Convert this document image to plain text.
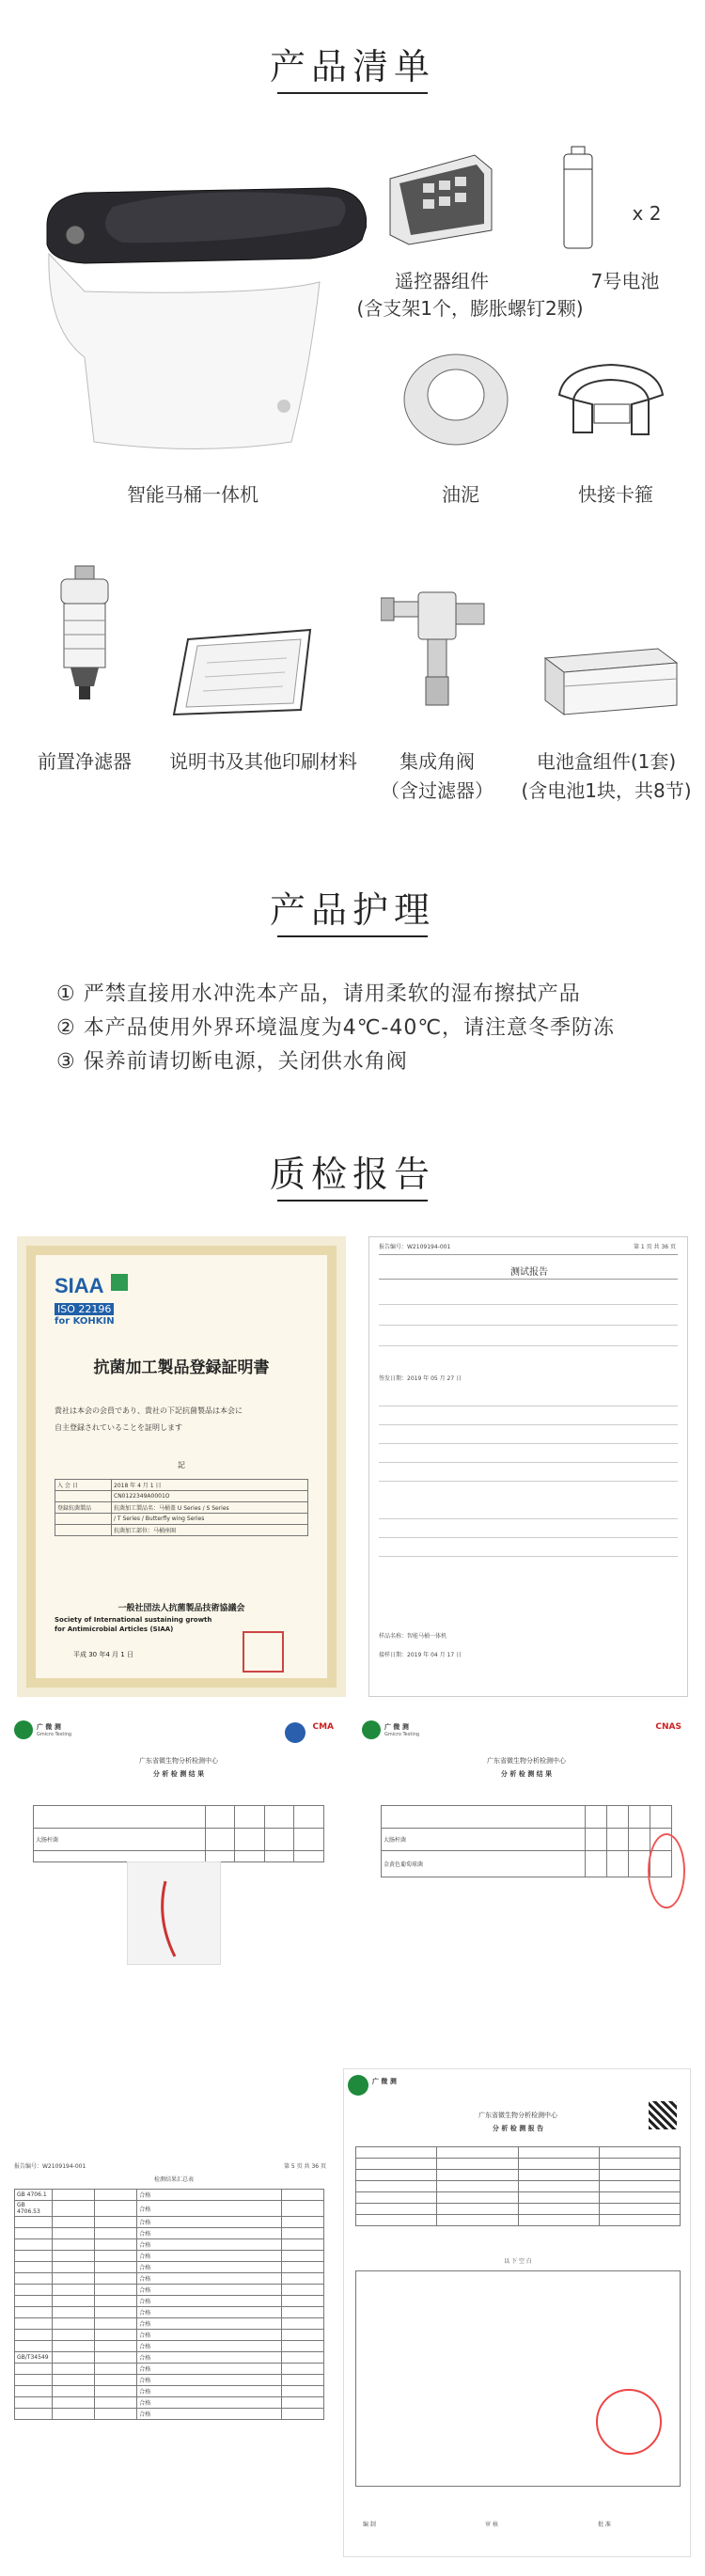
产品清单
智能马桶一体机
遥控器组件
(含支架1个，膨胀螺钉2颗)
x 2
7号电池
油泥	快接卡箍
前置净滤器	说明书及其他印刷材料	集成角阀
（含过滤器）
电池盒组件(1套)
(含电池1块，共8节)
产品护理
① 严禁直接用水冲洗本产品，请用柔软的湿布擦拭产品
② 本产品使用外界环境温度为4℃-40℃，请注意冬季防冻
③ 保养前请切断电源，关闭供水角阀
质检报告
SIAA
ISO 22196
for KOHKIN
抗菌加工製品登録証明書
貴社は本会の会員であり、貴社の下記抗菌製品は本会に
自主登録されていることを証明します
記
入 会 日	2018 年 4 月 1 日
	CN0122349A0001O
登録抗菌製品	抗菌加工製品名：马桶盖 U Series / S Series
	/ T Series / Butterfly wing Series
	抗菌加工部位：马桶座圈
一般社団法人抗菌製品技術協議会
Society of International sustaining growth
for Antimicrobial Articles (SIAA)
平成 30 年4 月 1 日
报告编号：W2109194-001	第 1 页 共 36 页
测试报告
签发日期：2019 年 05 月 27 日
样品名称：智能马桶一体机
接样日期：2019 年 04 月 17 日
广 微 测
Gmicro Testing
CMA
广东省微生物分析检测中心
分 析 检 测 结 果

大肠杆菌				

广 微 测
Gmicro Testing
CNAS
广东省微生物分析检测中心
分 析 检 测 结 果

大肠杆菌				
金黄色葡萄球菌				
报告编号：W2109194-001	第 5 页 共 36 页
检测结果汇总表
GB 4706.1			合格	
GB 4706.53			合格	
			合格	
			合格	
			合格	
			合格	
			合格	
			合格	
			合格	
			合格	
			合格	
			合格	
			合格	
			合格	
GB/T34549			合格	
			合格	
			合格	
			合格	
			合格	
			合格	
广 微 测
广东省微生物分析检测中心
分 析 检 测 报 告

以 下 空 白
编 制	审 核	批 准
